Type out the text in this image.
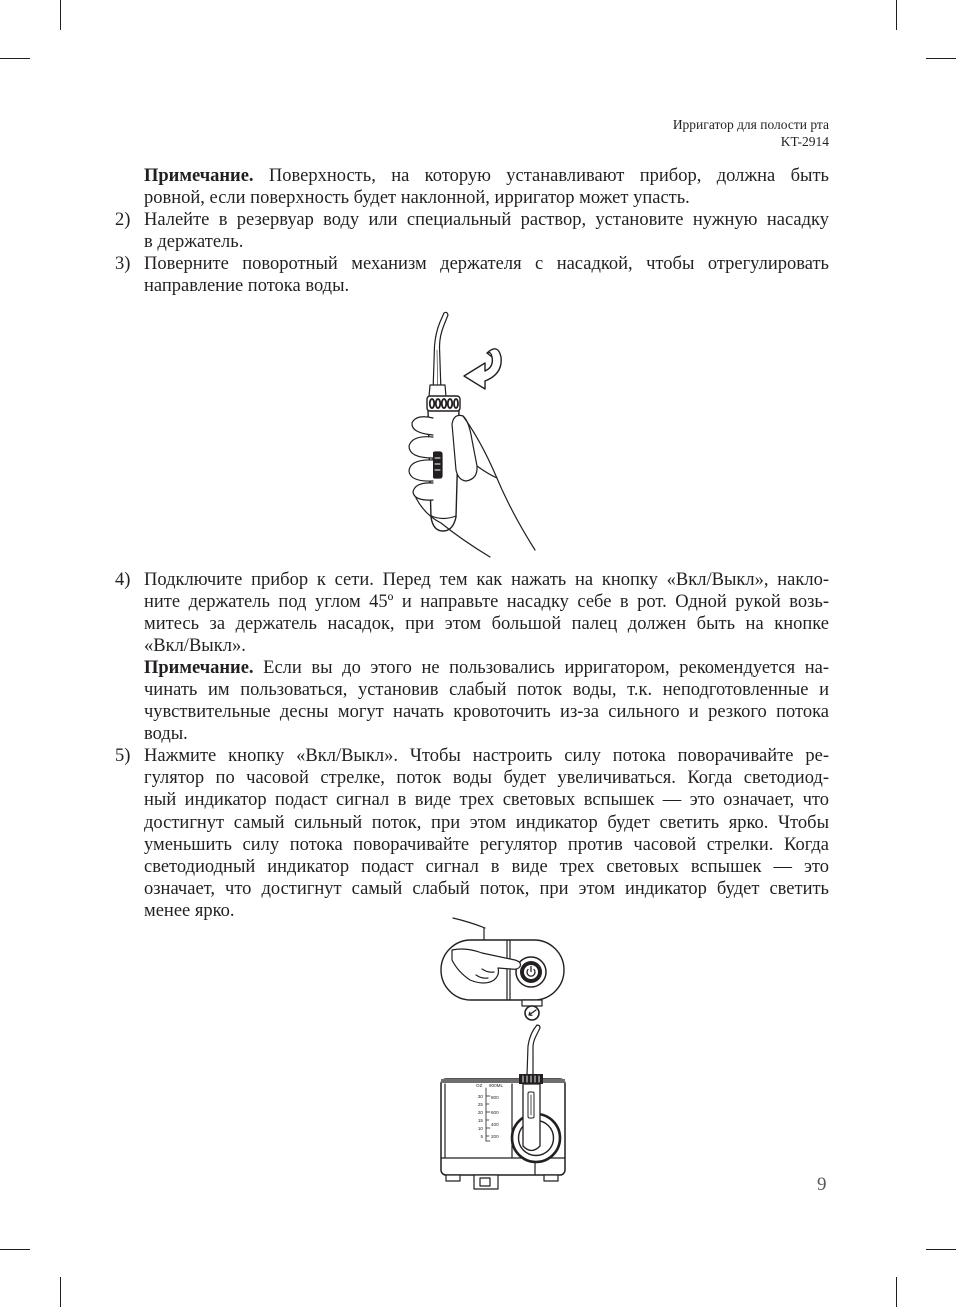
Ирригатор для полости рта
KT-2914
Примечание. Поверхность, на которую устанавливают прибор, должна быть
ровной, если поверхность будет наклонной, ирригатор может упасть.
2) Налейте в резервуар воду или специальный раствор, установите нужную насадку
в держатель.
3) Поверните поворотный механизм держателя с насадкой, чтобы отрегулировать
направление потока воды.
4) Подключите прибор к сети. Перед тем как нажать на кнопку «Вкл/Выкл», накло-
ните держатель под углом 45º и направьте насадку себе в рот. Одной рукой возь-
митесь за держатель насадок, при этом большой палец должен быть на кнопке
«Вкл/Выкл».
Примечание. Если вы до этого не пользовались ирригатором, рекомендуется на-
чинать им пользоваться, установив слабый поток воды, т.к. неподготовленные и
чувствительные десны могут начать кровоточить из-за сильного и резкого потока
воды.
5) Нажмите кнопку «Вкл/Выкл». Чтобы настроить силу потока поворачивайте ре-
гулятор по часовой стрелке, поток воды будет увеличиваться. Когда светодиод-
ный индикатор подаст сигнал в виде трех световых вспышек — это означает, что
достигнут самый сильный поток, при этом индикатор будет светить ярко. Чтобы
уменьшить силу потока поворачивайте регулятор против часовой стрелки. Когда
светодиодный индикатор подаст сигнал в виде трех световых вспышек — это
означает, что достигнут самый слабый поток, при этом индикатор будет светить
менее ярко.
OZ 900ML
30
25
20
15
10
5
800
600
400
200
9
